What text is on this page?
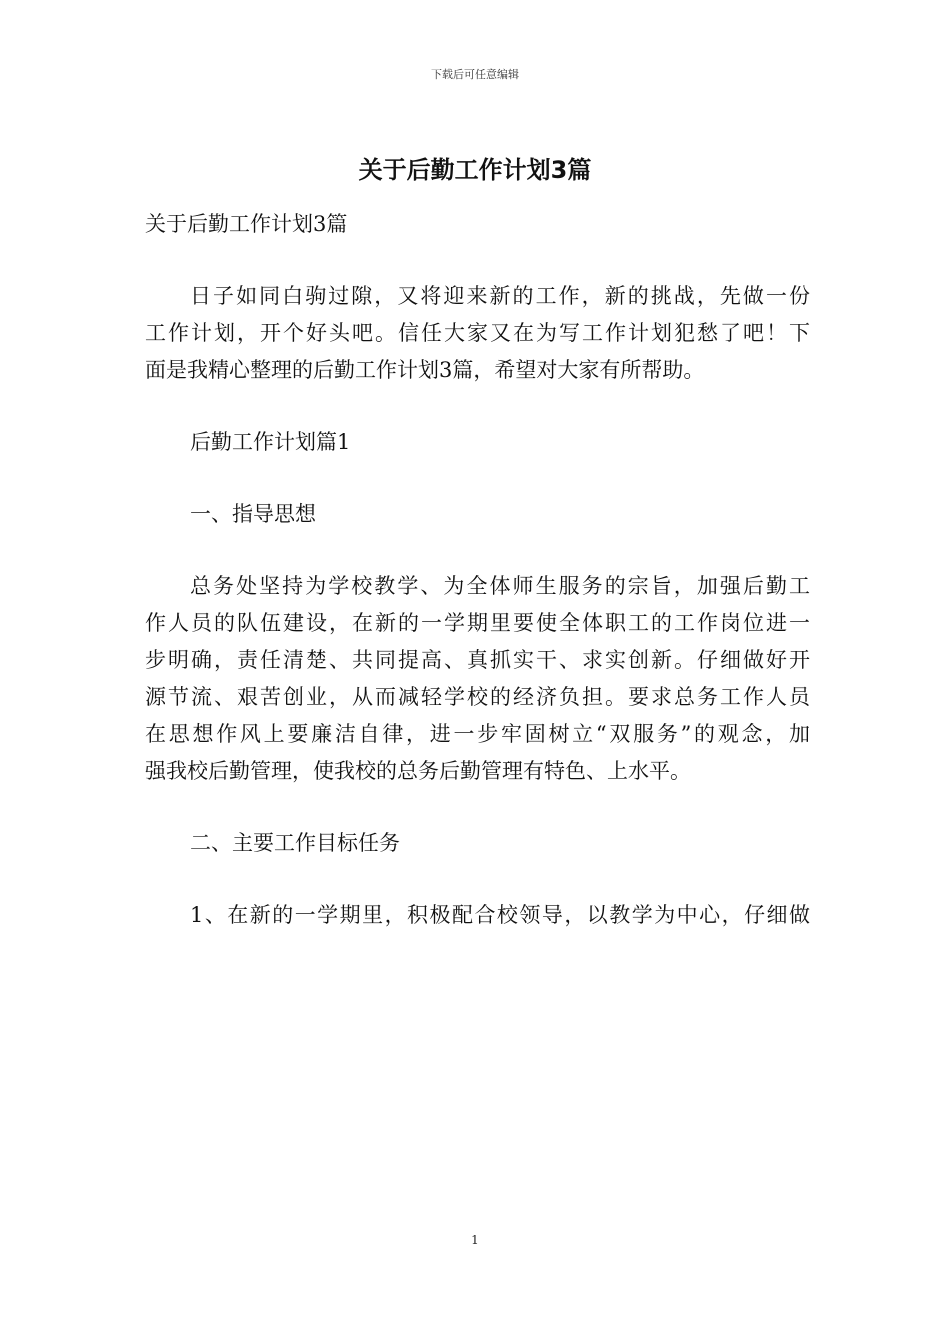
下载后可任意编辑
关于后勤工作计划3篇

关于后勤工作计划3篇

日子如同白驹过隙，又将迎来新的工作，新的挑战，先做一份

工作计划，开个好头吧。信任大家又在为写工作计划犯愁了吧！下

面是我精心整理的后勤工作计划3篇，希望对大家有所帮助。

后勤工作计划篇1

一、指导思想

总务处坚持为学校教学、为全体师生服务的宗旨，加强后勤工

作人员的队伍建设，在新的一学期里要使全体职工的工作岗位进一

步明确，责任清楚、共同提高、真抓实干、求实创新。仔细做好开

源节流、艰苦创业，从而减轻学校的经济负担。要求总务工作人员

在思想作风上要廉洁自律，进一步牢固树立“双服务”的观念，加

强我校后勤管理，使我校的总务后勤管理有特色、上水平。

二、主要工作目标任务

1、在新的一学期里，积极配合校领导，以教学为中心，仔细做

1
